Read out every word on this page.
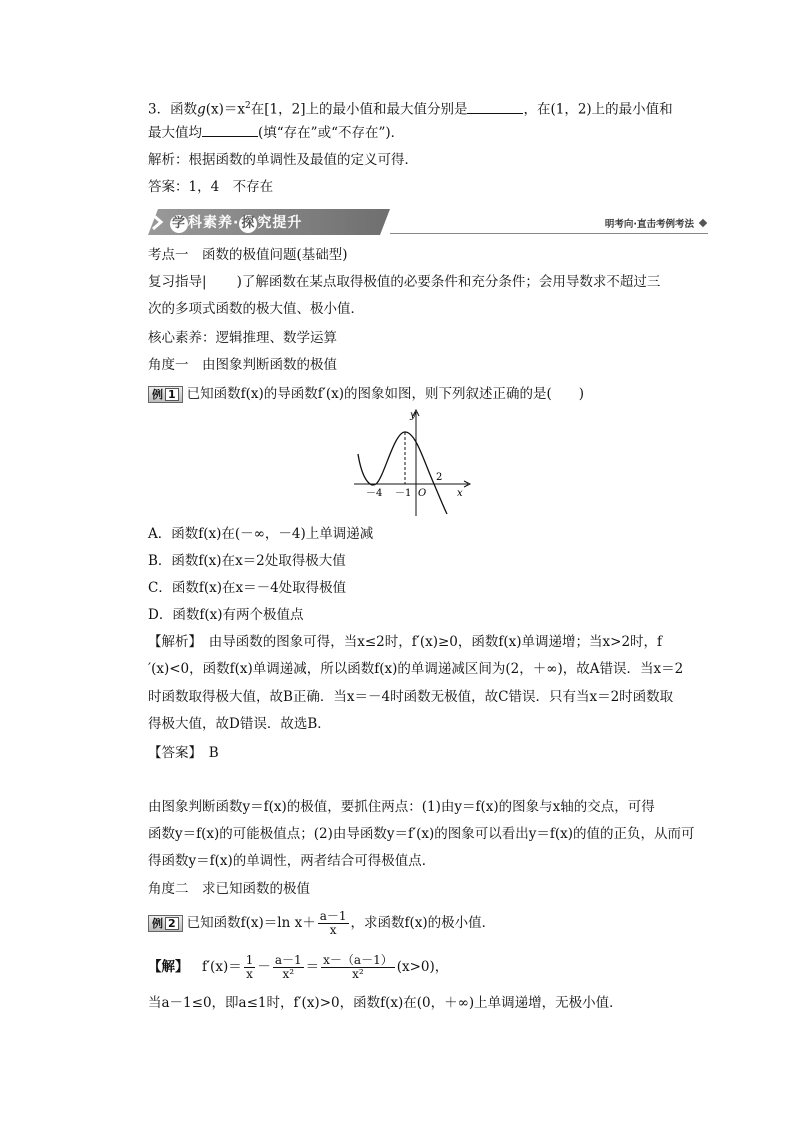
3．函数$g(x)=x^2$在[1，2]上的最小值和最大值分别是	，在(1，2)上的最小值和
最大值均	(填“存在”或“不存在”)．
解析：根据函数的单调性及最值的定义可得．
答案：1，4　不存在
学 科素养· 探 究提升	明考向·直击考例考法
考点一　函数的极值问题(基础型)
复习指导| )了解函数在某点取得极值的必要条件和充分条件；会用导数求不超过三
次的多项式函数的极大值、极小值．
核心素养：逻辑推理、数学运算
角度一　由图象判断函数的极值
例 1 已知函数f(x)的导函数f′(x)的图象如图，则下列叙述正确的是(　　)
y
x
－4 －1 O
2
A．函数f(x)在(－∞，－4)上单调递减
B．函数f(x)在x＝2处取得极大值
C．函数f(x)在x＝－4处取得极值
D．函数f(x)有两个极值点
【解析】　由导函数的图象可得，当x≤2时，f′(x)≥0，函数f(x)单调递增；当x>2时，f
′(x)<0，函数f(x)单调递减，所以函数f(x)的单调递减区间为(2，＋∞)，故A错误．当x＝2
时函数取得极大值，故B正确．当x＝－4时函数无极值，故C错误．只有当x＝2时函数取
得极大值，故D错误．故选B．
【答案】　B
由图象判断函数y＝f(x)的极值，要抓住两点：(1)由y＝f(x)的图象与x轴的交点，可得
函数y＝f(x)的可能极值点；(2)由导函数y＝f′(x)的图象可以看出y＝f(x)的值的正负，从而可
得函数y＝f(x)的单调性，两者结合可得极值点．
角度二　求已知函数的极值
例 2 已知函数f(x)＝ln $x+ \frac{a-1}{x}$ ，求函数f(x)的极小值．
【解】  $f'(x)= \frac{1}{x} - \frac{a-1}{\text{x²}} = \frac{x-(a-1)}{\text{x²}} (x>0)$，
当a－1≤0，即a≤1时，f′(x)>0，函数f(x)在(0，＋∞)上单调递增，无极小值．
